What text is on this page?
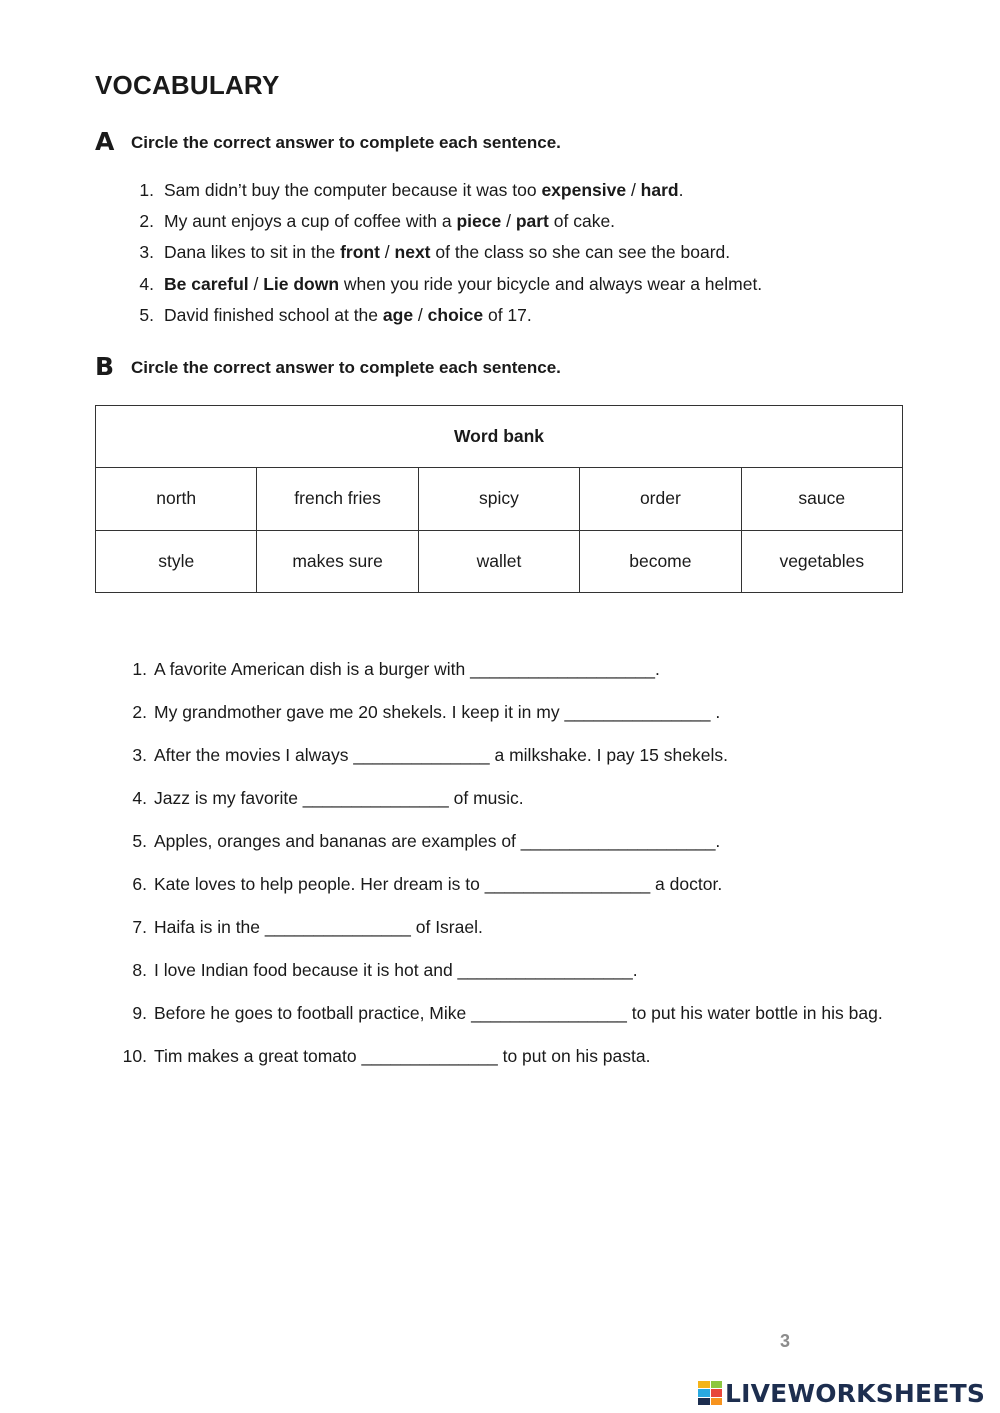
VOCABULARY
A Circle the correct answer to complete each sentence.
1. Sam didn’t buy the computer because it was too expensive / hard.
2. My aunt enjoys a cup of coffee with a piece / part of cake.
3. Dana likes to sit in the front / next of the class so she can see the board.
4. Be careful / Lie down when you ride your bicycle and always wear a helmet.
5. David finished school at the age / choice of 17.
B Circle the correct answer to complete each sentence.
Word bank				
north	french fries	spicy	order	sauce
style	makes sure	wallet	become	vegetables
1. A favorite American dish is a burger with ___________________.
2. My grandmother gave me 20 shekels. I keep it in my _______________ .
3. After the movies I always ______________ a milkshake. I pay 15 shekels.
4. Jazz is my favorite _______________ of music.
5. Apples, oranges and bananas are examples of ____________________.
6. Kate loves to help people. Her dream is to _________________ a doctor.
7. Haifa is in the _______________ of Israel.
8. I love Indian food because it is hot and __________________.
9. Before he goes to football practice, Mike ________________ to put his water bottle in his bag.
10. Tim makes a great tomato ______________ to put on his pasta.
3
LIVEWORKSHEETS
